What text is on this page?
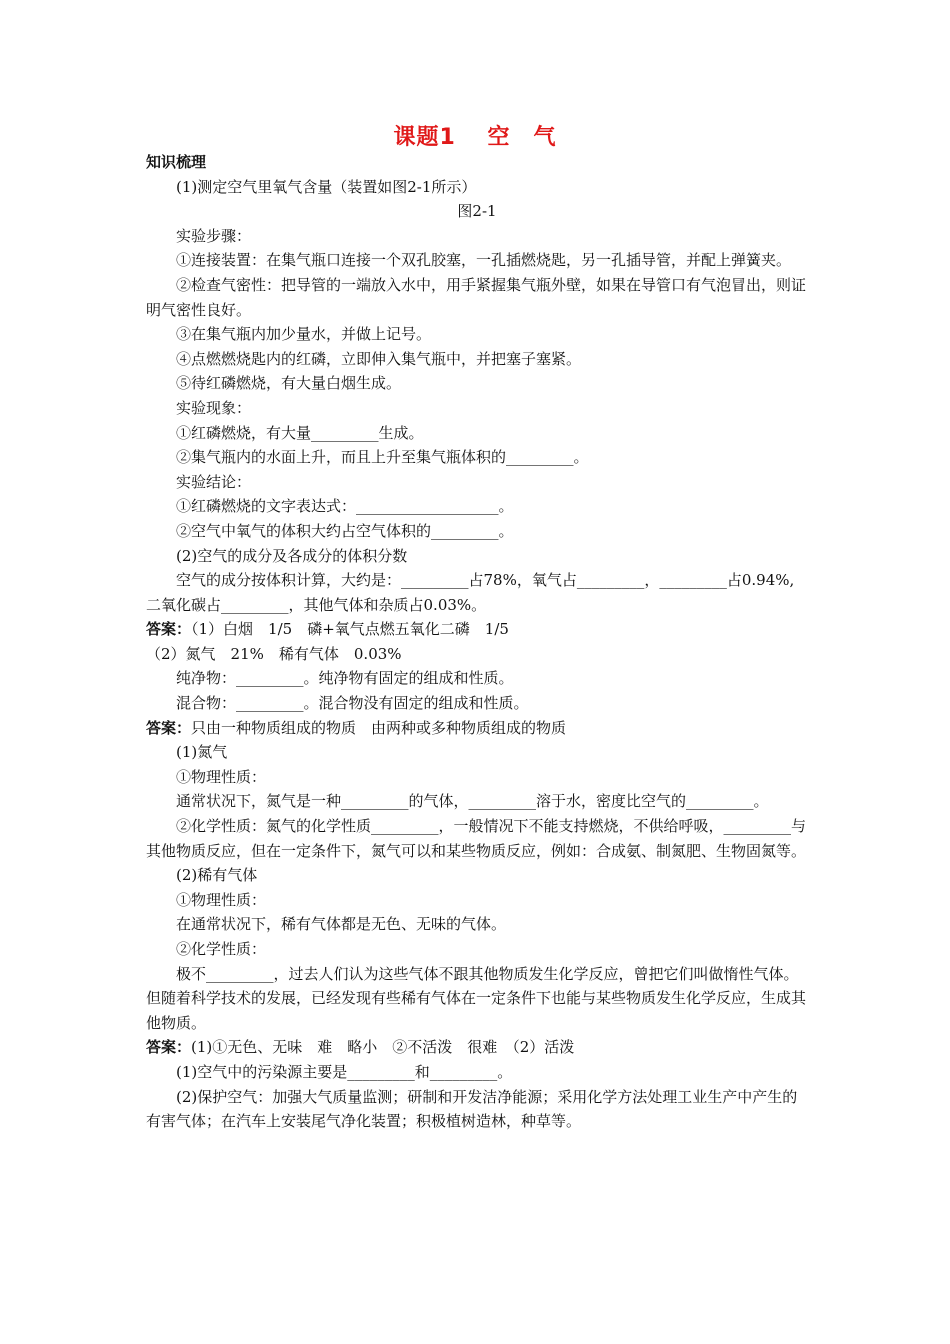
课题1　 空　气

知识梳理

(1)测定空气里氧气含量（装置如图2-1所示）

图2-1

实验步骤：

①连接装置：在集气瓶口连接一个双孔胶塞，一孔插燃烧匙，另一孔插导管，并配上弹簧夹。

②检查气密性：把导管的一端放入水中，用手紧握集气瓶外壁，如果在导管口有气泡冒出，则证明气密性良好。

③在集气瓶内加少量水，并做上记号。

④点燃燃烧匙内的红磷，立即伸入集气瓶中，并把塞子塞紧。

⑤待红磷燃烧，有大量白烟生成。

实验现象：

①红磷燃烧，有大量_________生成。

②集气瓶内的水面上升，而且上升至集气瓶体积的_________。

实验结论：

①红磷燃烧的文字表达式：___________________。

②空气中氧气的体积大约占空气体积的_________。

(2)空气的成分及各成分的体积分数

空气的成分按体积计算，大约是：_________占78%，氧气占_________，_________占0.94%,二氧化碳占_________，其他气体和杂质占0.03%。

答案：（1）白烟　1/5　磷+氧气点燃五氧化二磷　1/5

（2）氮气　21%　稀有气体　0.03%

纯净物：_________。纯净物有固定的组成和性质。

混合物：_________。混合物没有固定的组成和性质。

答案：只由一种物质组成的物质　由两种或多种物质组成的物质

(1)氮气

①物理性质：

通常状况下，氮气是一种_________的气体，_________溶于水，密度比空气的_________。

②化学性质：氮气的化学性质_________，一般情况下不能支持燃烧，不供给呼吸，_________与其他物质反应，但在一定条件下，氮气可以和某些物质反应，例如：合成氨、制氮肥、生物固氮等。

(2)稀有气体

①物理性质：

在通常状况下，稀有气体都是无色、无味的气体。

②化学性质：

极不_________，过去人们认为这些气体不跟其他物质发生化学反应，曾把它们叫做惰性气体。但随着科学技术的发展，已经发现有些稀有气体在一定条件下也能与某些物质发生化学反应，生成其他物质。

答案：(1)①无色、无味　难　略小　②不活泼　很难　（2）活泼

(1)空气中的污染源主要是_________和_________。

(2)保护空气：加强大气质量监测；研制和开发洁净能源；采用化学方法处理工业生产中产生的有害气体；在汽车上安装尾气净化装置；积极植树造林，种草等。
